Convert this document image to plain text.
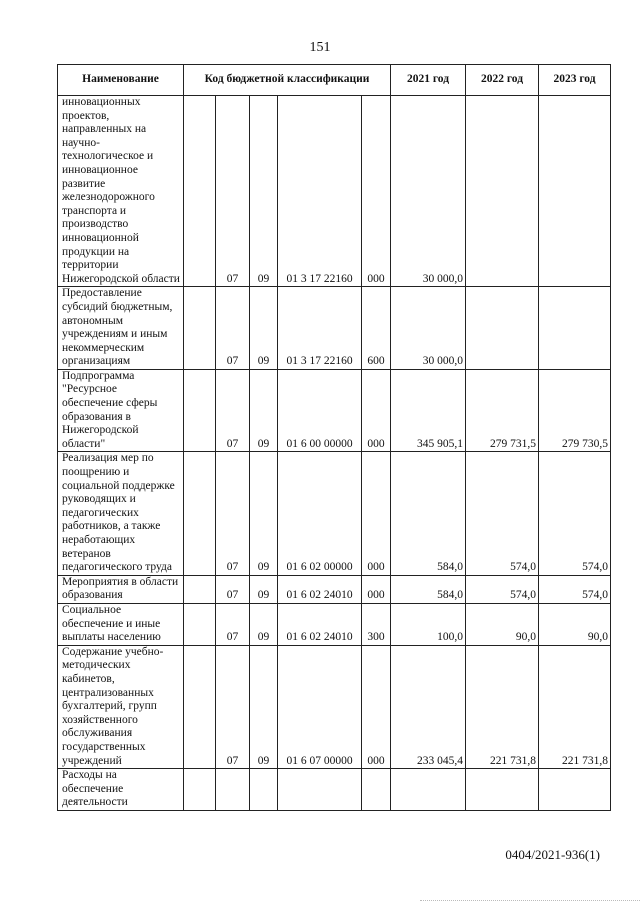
151
Наименование	Код бюджетной классификации					2021 год	2022 год	2023 год
инновационных проектов, направленных на научно-технологическое и инновационное развитие железнодорожного транспорта и производство инновационной продукции на территории Нижегородской области		07	09	01 3 17 22160	000	30 000,0		
Предоставление субсидий бюджетным, автономным учреждениям и иным некоммерческим организациям		07	09	01 3 17 22160	600	30 000,0		
Подпрограмма "Ресурсное обеспечение сферы образования в Нижегородской области"		07	09	01 6 00 00000	000	345 905,1	279 731,5	279 730,5
Реализация мер по поощрению и социальной поддержке руководящих и педагогических работников, а также неработающих ветеранов педагогического труда		07	09	01 6 02 00000	000	584,0	574,0	574,0
Мероприятия в области образования		07	09	01 6 02 24010	000	584,0	574,0	574,0
Социальное обеспечение и иные выплаты населению		07	09	01 6 02 24010	300	100,0	90,0	90,0
Содержание учебно-методических кабинетов, централизованных бухгалтерий, групп хозяйственного обслуживания государственных учреждений		07	09	01 6 07 00000	000	233 045,4	221 731,8	221 731,8
Расходы на обеспечение деятельности								
0404/2021-936(1)
